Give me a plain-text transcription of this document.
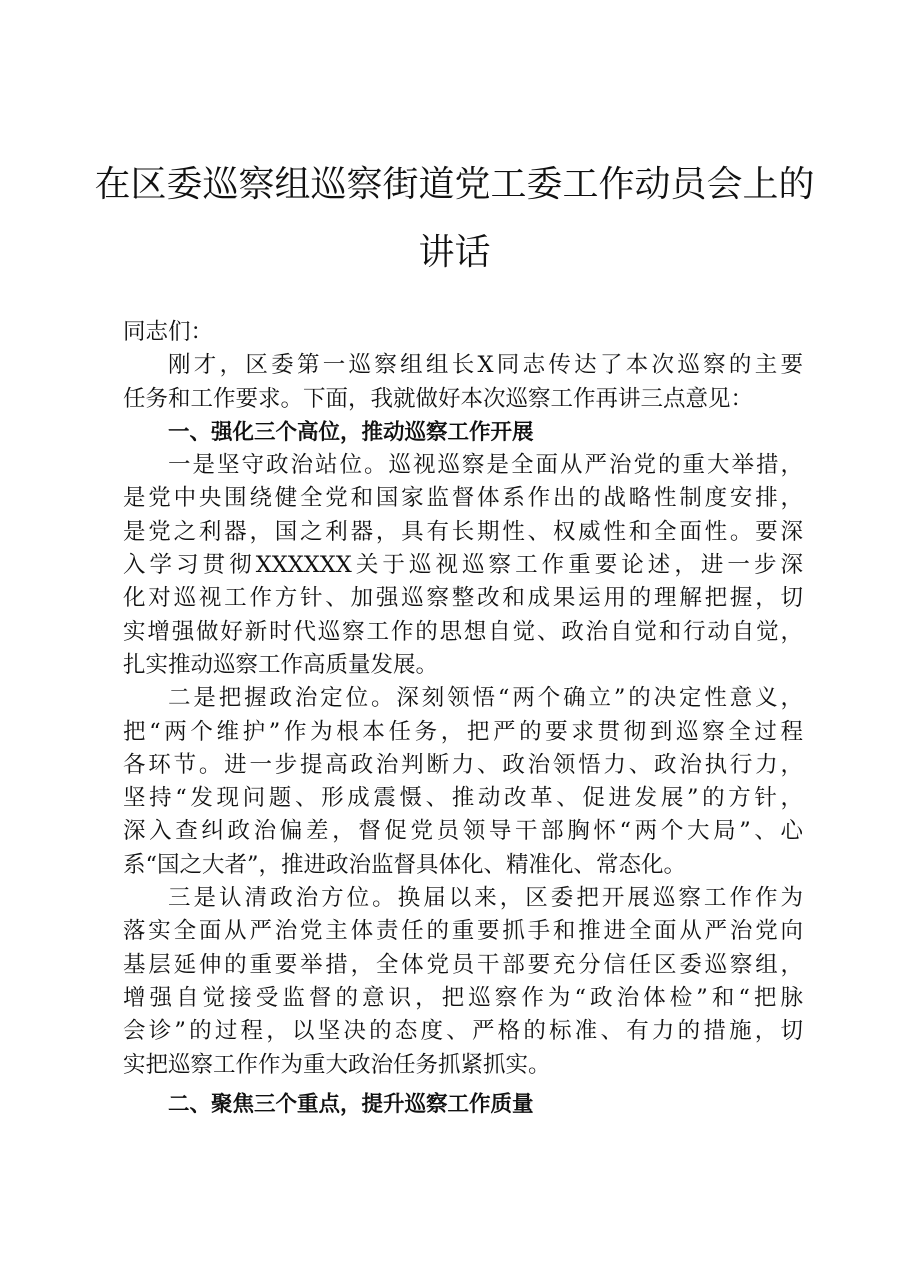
在区委巡察组巡察街道党工委工作动员会上的
讲话
同志们：
刚才，区委第一巡察组组长X同志传达了本次巡察的主要
任务和工作要求。下面，我就做好本次巡察工作再讲三点意见：
一、强化三个高位，推动巡察工作开展
一是坚守政治站位。巡视巡察是全面从严治党的重大举措，
是党中央围绕健全党和国家监督体系作出的战略性制度安排，
是党之利器，国之利器，具有长期性、权威性和全面性。要深
入学习贯彻XXXXXX关于巡视巡察工作重要论述，进一步深
化对巡视工作方针、加强巡察整改和成果运用的理解把握，切
实增强做好新时代巡察工作的思想自觉、政治自觉和行动自觉，
扎实推动巡察工作高质量发展。
二是把握政治定位。深刻领悟“两个确立”的决定性意义，
把“两个维护”作为根本任务，把严的要求贯彻到巡察全过程
各环节。进一步提高政治判断力、政治领悟力、政治执行力，
坚持“发现问题、形成震慑、推动改革、促进发展”的方针，
深入查纠政治偏差，督促党员领导干部胸怀“两个大局”、心
系“国之大者”，推进政治监督具体化、精准化、常态化。
三是认清政治方位。换届以来，区委把开展巡察工作作为
落实全面从严治党主体责任的重要抓手和推进全面从严治党向
基层延伸的重要举措，全体党员干部要充分信任区委巡察组，
增强自觉接受监督的意识，把巡察作为“政治体检”和“把脉
会诊”的过程，以坚决的态度、严格的标准、有力的措施，切
实把巡察工作作为重大政治任务抓紧抓实。
二、聚焦三个重点，提升巡察工作质量
